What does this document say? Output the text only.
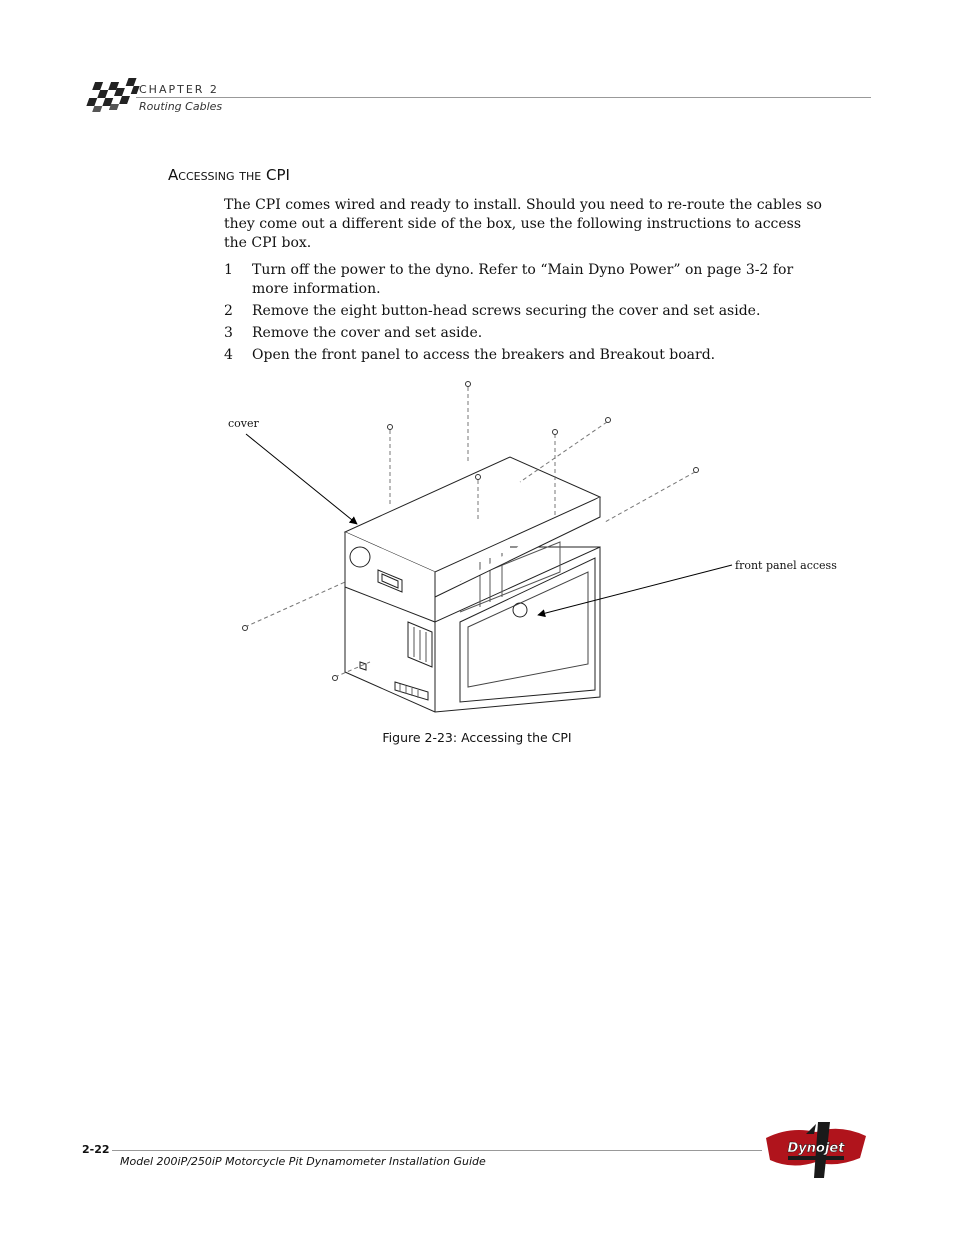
CHAPTER 2
Routing Cables
Accessing the CPI
The CPI comes wired and ready to install. Should you need to re-route the cables so they come out a different side of the box, use the following instructions to access the CPI box.
1	Turn off the power to the dyno. Refer to “Main Dyno Power” on page 3-2 for more information.
2	Remove the eight button-head screws securing the cover and set aside.
3	Remove the cover and set aside.
4	Open the front panel to access the breakers and Breakout board.
cover
front panel access
Figure 2-23: Accessing the CPI
2-22
Model 200iP/250iP Motorcycle Pit Dynamometer Installation Guide
Dynojet
